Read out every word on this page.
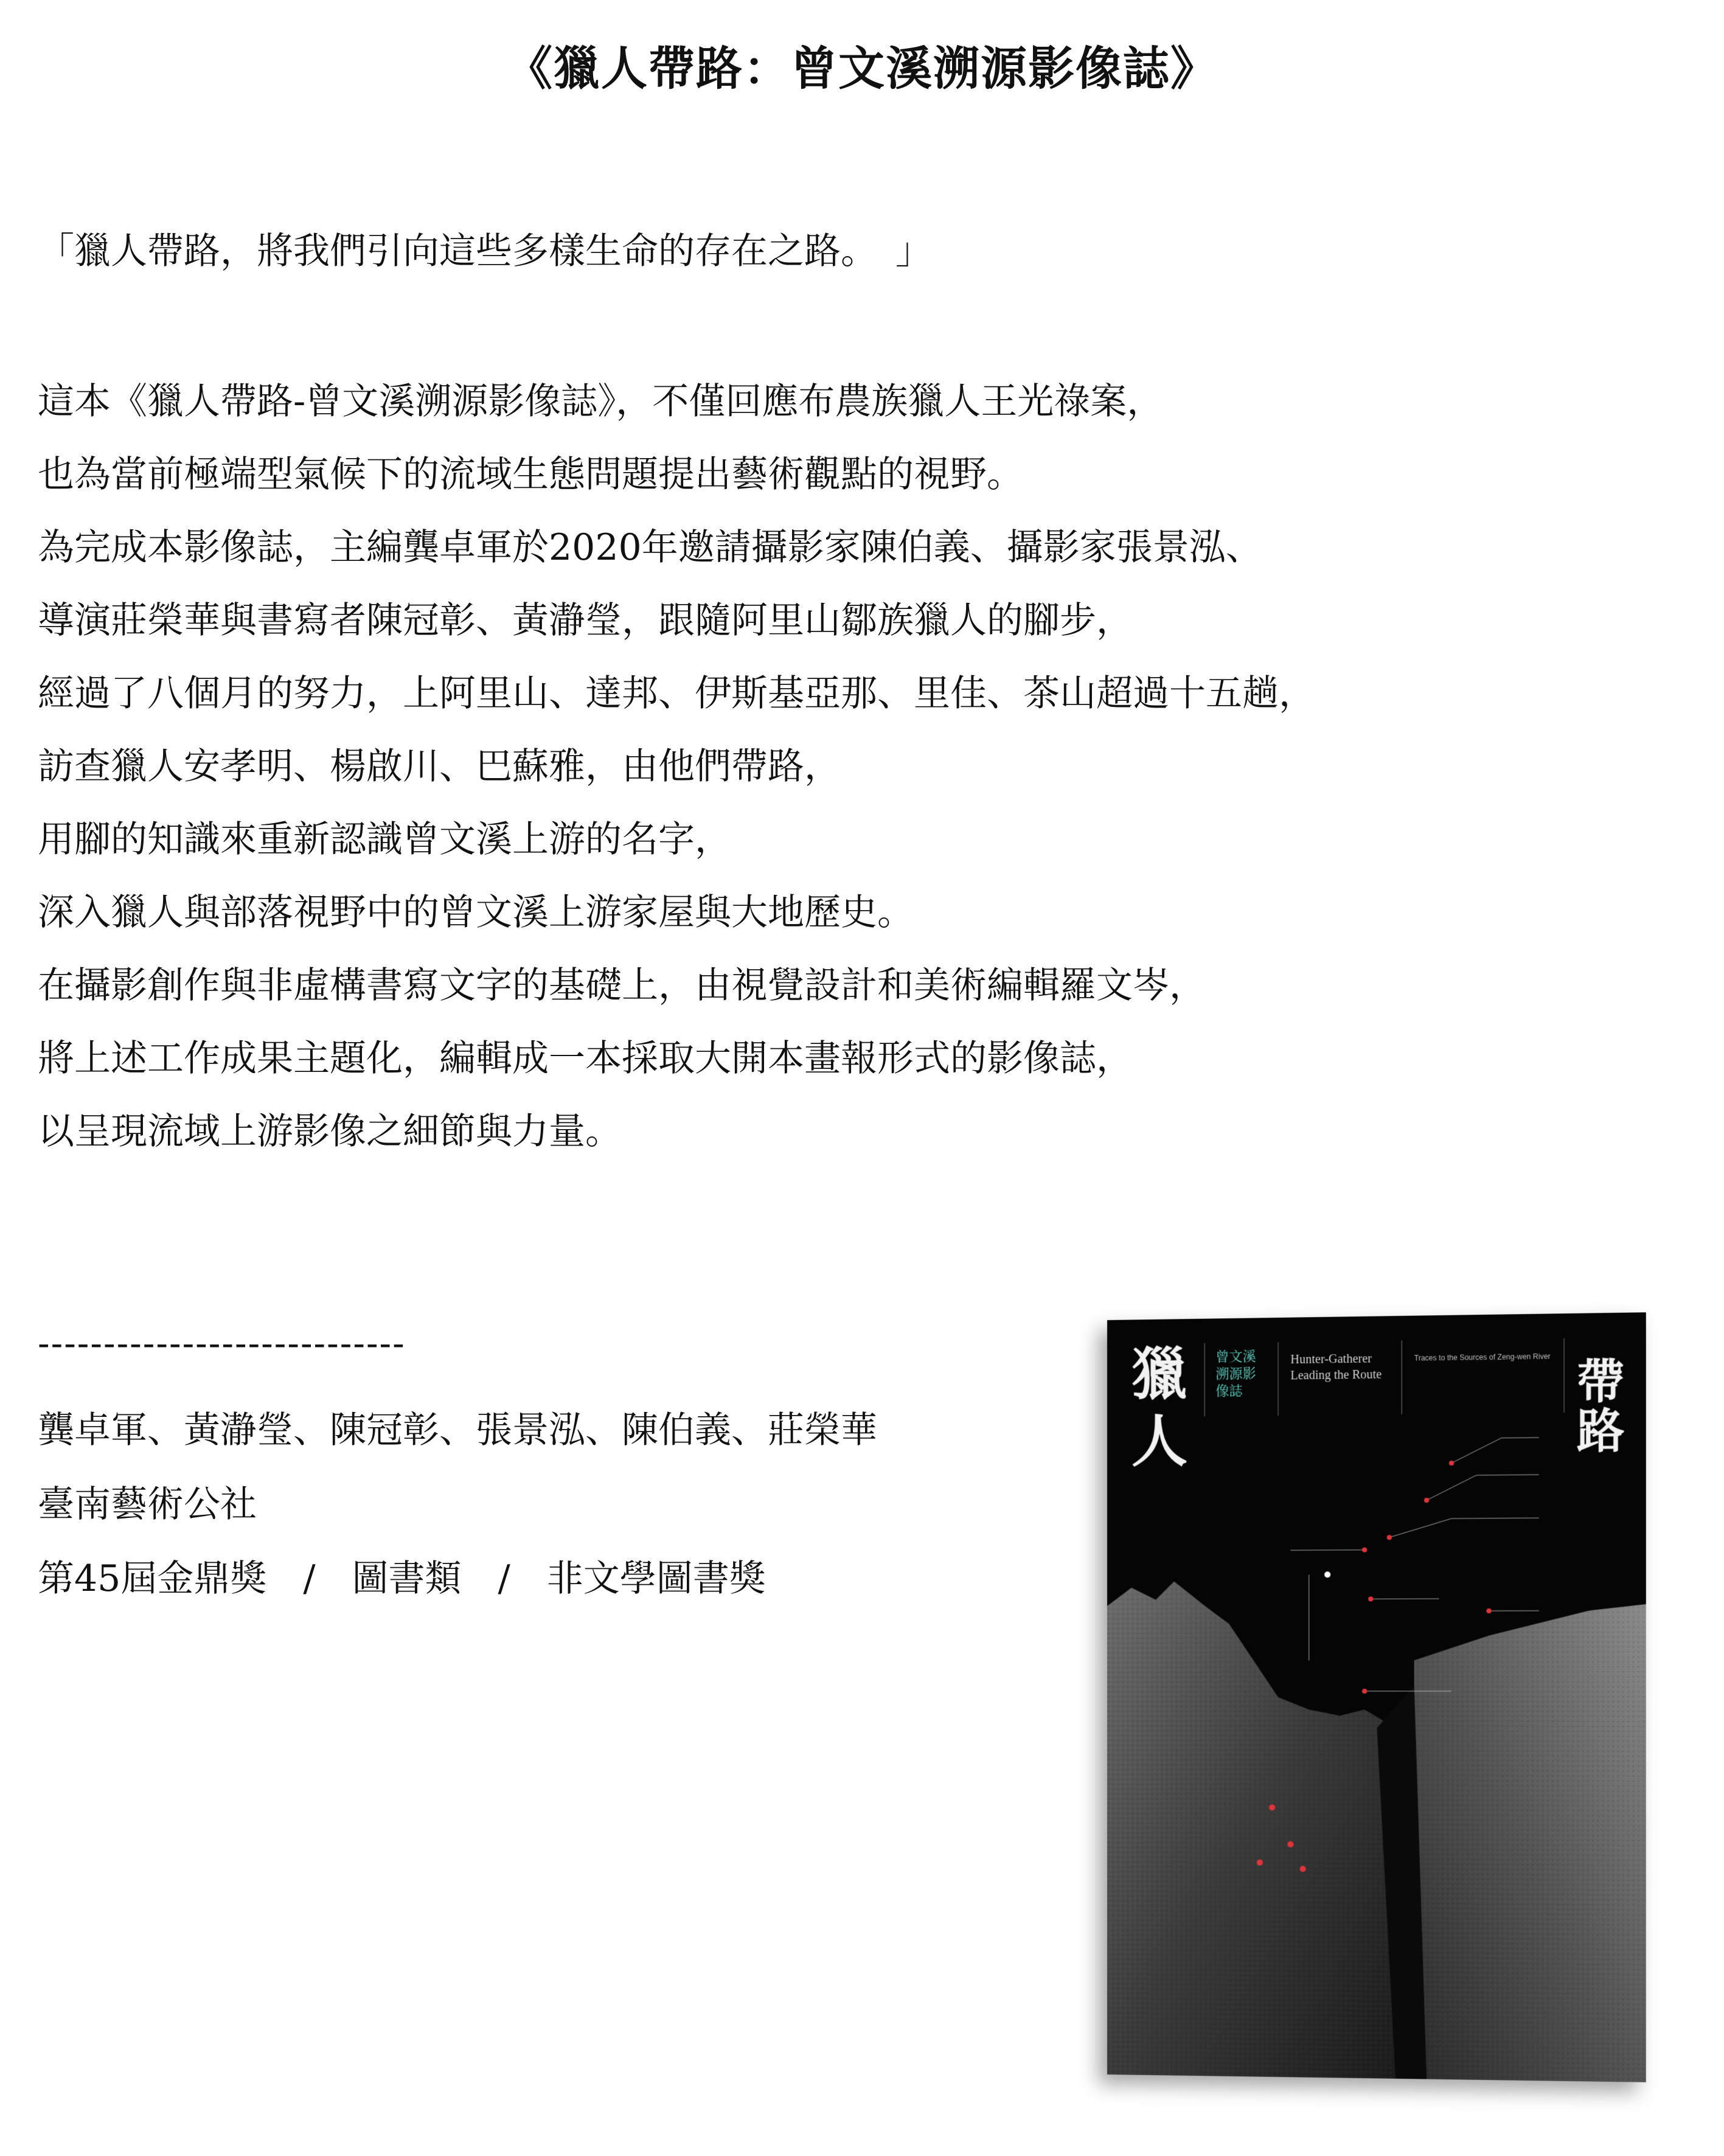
《獵人帶路：曾文溪溯源影像誌》
「獵人帶路，將我們引向這些多樣生命的存在之路。　」
這本《獵人帶路-曾文溪溯源影像誌》，不僅回應布農族獵人王光祿案，
也為當前極端型氣候下的流域生態問題提出藝術觀點的視野。
為完成本影像誌，主編龔卓軍於2020年邀請攝影家陳伯義、攝影家張景泓、
導演莊榮華與書寫者陳冠彰、黃瀞瑩，跟隨阿里山鄒族獵人的腳步，
經過了八個月的努力，上阿里山、達邦、伊斯基亞那、里佳、茶山超過十五趟，
訪查獵人安孝明、楊啟川、巴蘇雅，由他們帶路，
用腳的知識來重新認識曾文溪上游的名字，
深入獵人與部落視野中的曾文溪上游家屋與大地歷史。
在攝影創作與非虛構書寫文字的基礎上，由視覺設計和美術編輯羅文岑，
將上述工作成果主題化，編輯成一本採取大開本畫報形式的影像誌，
以呈現流域上游影像之細節與力量。
----------------------------
龔卓軍、黃瀞瑩、陳冠彰、張景泓、陳伯義、莊榮華
臺南藝術公社
第45屆金鼎獎　/　圖書類　/　非文學圖書獎
獵
人
曾文溪溯源影像誌
Hunter-Gatherer Leading the Route
Traces to the Sources of Zeng-wen River 帶
路
